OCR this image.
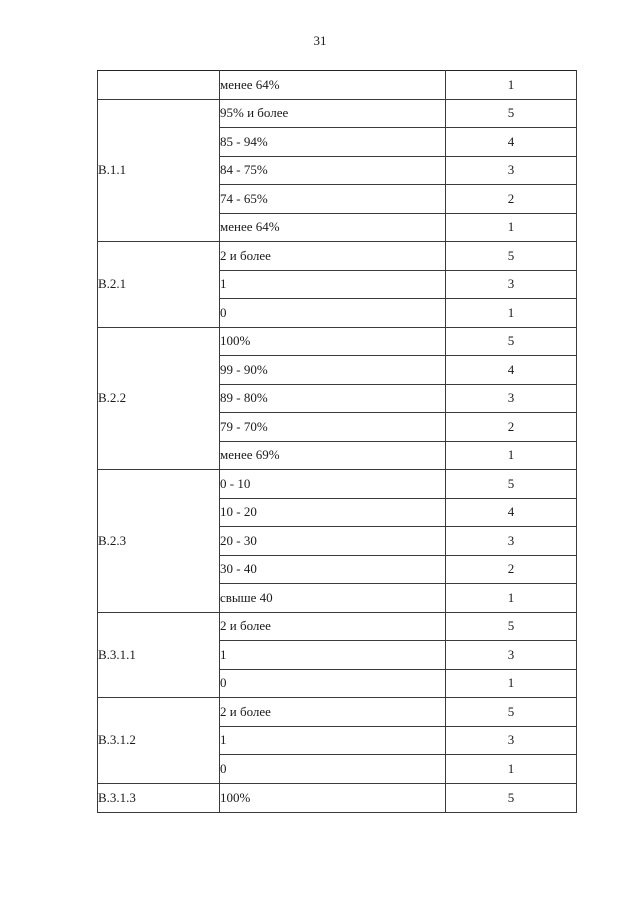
31
	менее 64%	1

В.1.1	95% и более	5
	85 - 94%	4
	84 - 75%	3
	74 - 65%	2
	менее 64%	1

В.2.1	2 и более	5
	1	3
	0	1

В.2.2	100%	5
	99 - 90%	4
	89 - 80%	3
	79 - 70%	2
	менее 69%	1

В.2.3	0 - 10	5
	10 - 20	4
	20 - 30	3
	30 - 40	2
	свыше 40	1

В.3.1.1	2 и более	5
	1	3
	0	1

В.3.1.2	2 и более	5
	1	3
	0	1

В.3.1.3	100%	5
